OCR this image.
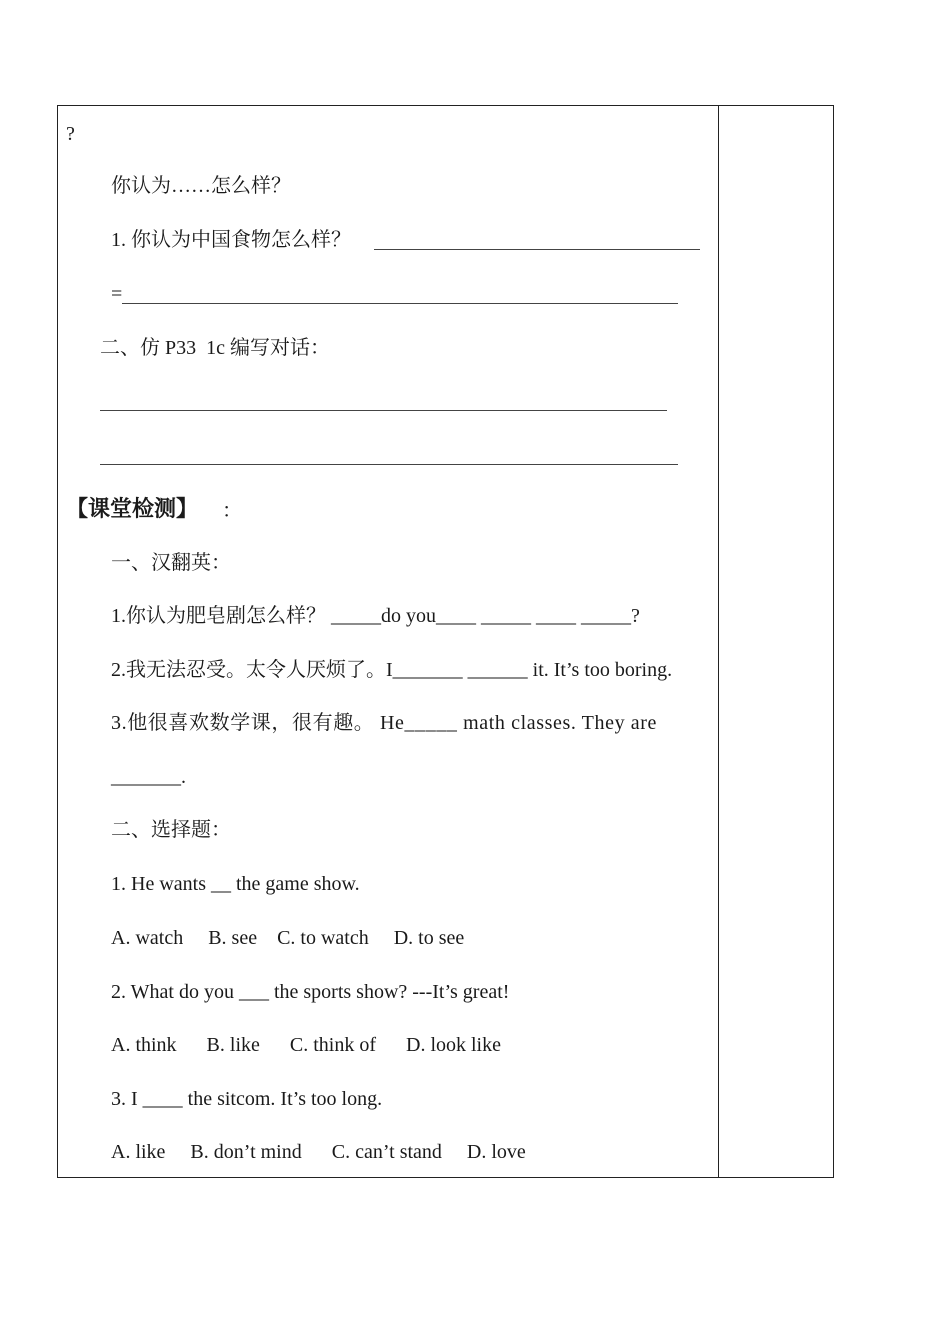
?
你认为……怎么样？
1. 你认为中国食物怎么样？
=
二、仿 P33  1c 编写对话：
【课堂检测】 ：
一、汉翻英：
1.你认为肥皂剧怎么样？ _____do you____ _____ ____ _____?
2.我无法忍受。太令人厌烦了。I_______ ______ it. It’s too boring.
3.他很喜欢数学课，很有趣。 He_____ math classes. They are
_______.
二、选择题：
1. He wants __ the game show.
A. watch     B. see    C. to watch     D. to see
2. What do you ___ the sports show? ---It’s great!
A. think      B. like      C. think of      D. look like
3. I ____ the sitcom. It’s too long.
A. like     B. don’t mind      C. can’t stand     D. love
